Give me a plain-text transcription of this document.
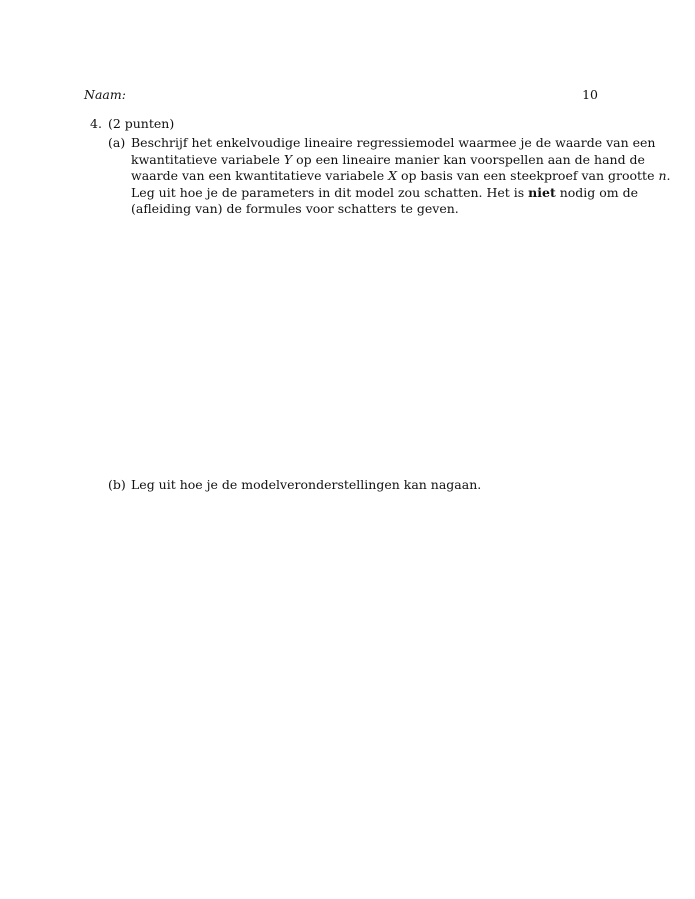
Naam:	10
4. (2 punten)
(a) Beschrijf het enkelvoudige lineaire regressiemodel waarmee je de waarde van een
kwantitatieve variabele Y op een lineaire manier kan voorspellen aan de hand de
waarde van een kwantitatieve variabele X op basis van een steekproef van grootte n.
Leg uit hoe je de parameters in dit model zou schatten. Het is niet nodig om de
(afleiding van) de formules voor schatters te geven.
(b) Leg uit hoe je de modelveronderstellingen kan nagaan.
